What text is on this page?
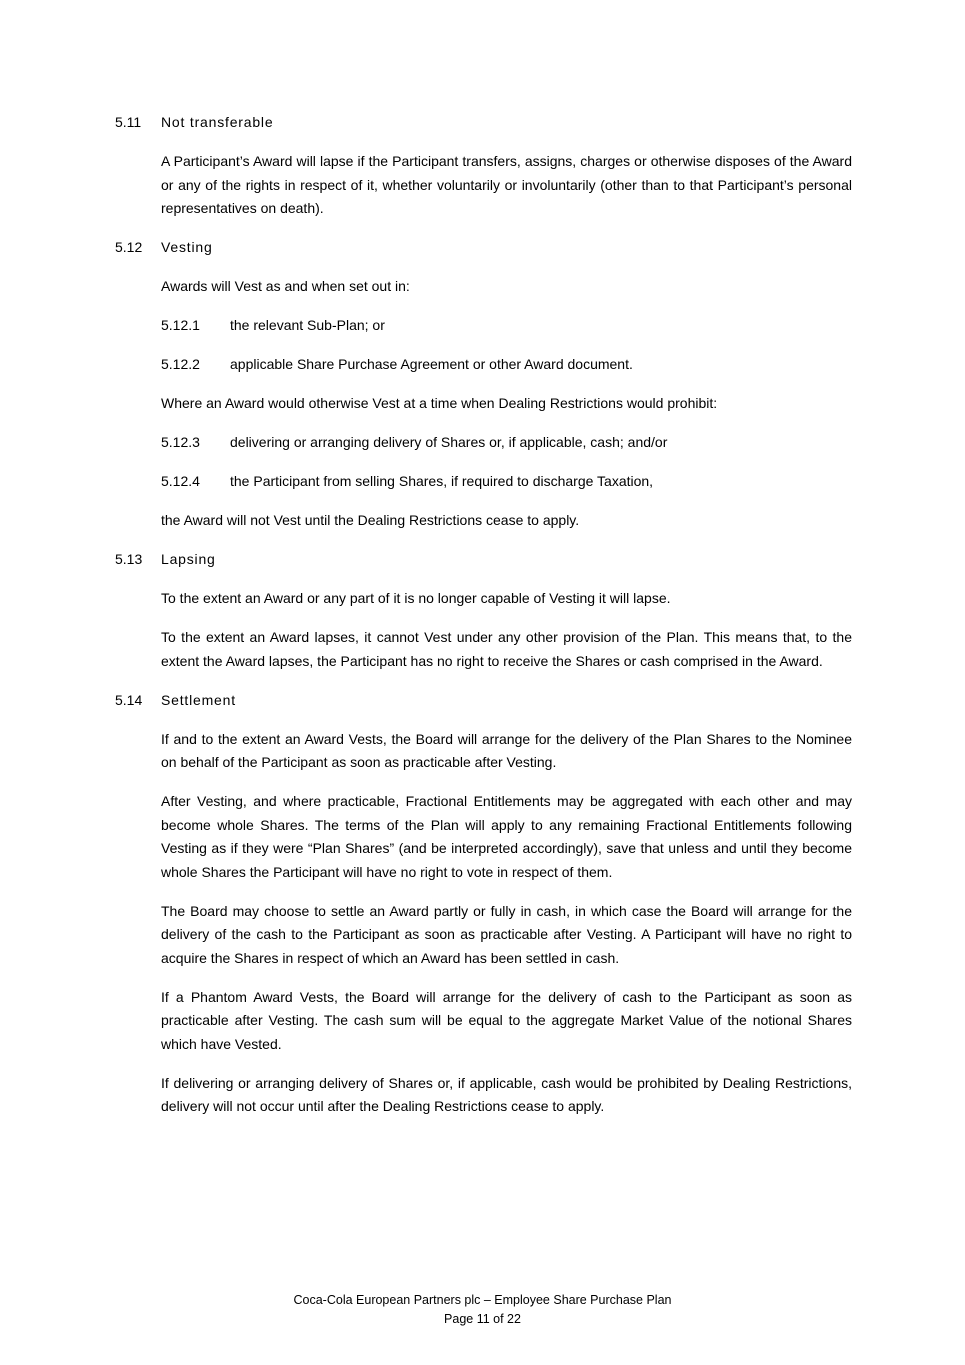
5.11	Not transferable

A Participant’s Award will lapse if the Participant transfers, assigns, charges or otherwise disposes of the Award or any of the rights in respect of it, whether voluntarily or involuntarily (other than to that Participant’s personal representatives on death).

5.12	Vesting

Awards will Vest as and when set out in:

5.12.1	the relevant Sub-Plan; or
5.12.2	applicable Share Purchase Agreement or other Award document.

Where an Award would otherwise Vest at a time when Dealing Restrictions would prohibit:

5.12.3	delivering or arranging delivery of Shares or, if applicable, cash; and/or
5.12.4	the Participant from selling Shares, if required to discharge Taxation,

the Award will not Vest until the Dealing Restrictions cease to apply.

5.13	Lapsing

To the extent an Award or any part of it is no longer capable of Vesting it will lapse.

To the extent an Award lapses, it cannot Vest under any other provision of the Plan. This means that, to the extent the Award lapses, the Participant has no right to receive the Shares or cash comprised in the Award.

5.14	Settlement

If and to the extent an Award Vests, the Board will arrange for the delivery of the Plan Shares to the Nominee on behalf of the Participant as soon as practicable after Vesting.

After Vesting, and where practicable, Fractional Entitlements may be aggregated with each other and may become whole Shares. The terms of the Plan will apply to any remaining Fractional Entitlements following Vesting as if they were “Plan Shares” (and be interpreted accordingly), save that unless and until they become whole Shares the Participant will have no right to vote in respect of them.

The Board may choose to settle an Award partly or fully in cash, in which case the Board will arrange for the delivery of the cash to the Participant as soon as practicable after Vesting. A Participant will have no right to acquire the Shares in respect of which an Award has been settled in cash.

If a Phantom Award Vests, the Board will arrange for the delivery of cash to the Participant as soon as practicable after Vesting. The cash sum will be equal to the aggregate Market Value of the notional Shares which have Vested.

If delivering or arranging delivery of Shares or, if applicable, cash would be prohibited by Dealing Restrictions, delivery will not occur until after the Dealing Restrictions cease to apply.

Coca-Cola European Partners plc – Employee Share Purchase Plan
Page 11 of 22
